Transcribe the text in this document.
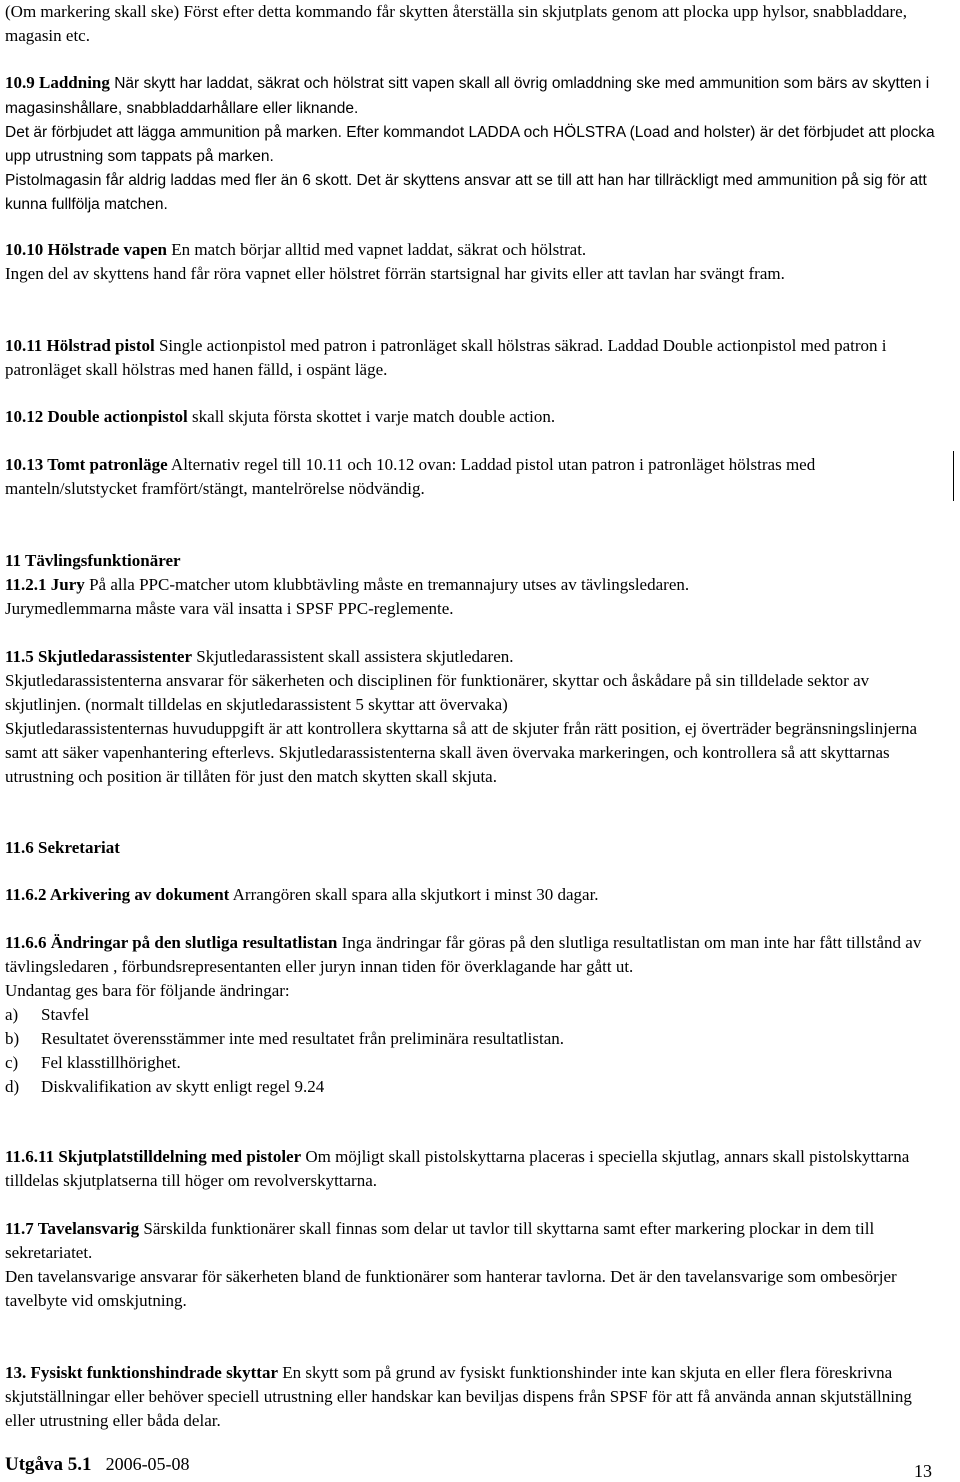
(Om markering skall ske) Först efter detta kommando får skytten återställa sin skjutplats genom att plocka upp hylsor, snabbladdare, magasin etc.

10.9 Laddning När skytt har laddat, säkrat och hölstrat sitt vapen skall all övrig omladdning ske med ammunition som bärs av skytten i magasinshållare, snabbladdarhållare eller liknande.

Det är förbjudet att lägga ammunition på marken. Efter kommandot LADDA och HÖLSTRA (Load and holster) är det förbjudet att plocka upp utrustning som tappats på marken.

Pistolmagasin får aldrig laddas med fler än 6 skott. Det är skyttens ansvar att se till att han har tillräckligt med ammunition på sig för att kunna fullfölja matchen.

10.10 Hölstrade vapen En match börjar alltid med vapnet laddat, säkrat och hölstrat.

Ingen del av skyttens hand får röra vapnet eller hölstret förrän startsignal har givits eller att tavlan har svängt fram.

10.11 Hölstrad pistol Single actionpistol med patron i patronläget skall hölstras säkrad. Laddad Double actionpistol med patron i patronläget skall hölstras med hanen fälld, i ospänt läge.

10.12 Double actionpistol skall skjuta första skottet i varje match double action.

10.13 Tomt patronläge Alternativ regel till 10.11 och 10.12 ovan: Laddad pistol utan patron i patronläget hölstras med manteln/slutstycket framfört/stängt, mantelrörelse nödvändig.

11 Tävlingsfunktionärer

11.2.1 Jury På alla PPC-matcher utom klubbtävling måste en tremannajury utses av tävlingsledaren.

Jurymedlemmarna måste vara väl insatta i SPSF PPC-reglemente.

11.5 Skjutledarassistenter Skjutledarassistent skall assistera skjutledaren.

Skjutledarassistenterna ansvarar för säkerheten och disciplinen för funktionärer, skyttar och åskådare på sin tilldelade sektor av skjutlinjen. (normalt tilldelas en skjutledarassistent 5 skyttar att övervaka)

Skjutledarassistenternas huvuduppgift är att kontrollera skyttarna så att de skjuter från rätt position, ej överträder begränsningslinjerna samt att säker vapenhantering efterlevs. Skjutledarassistenterna skall även övervaka markeringen, och kontrollera så att skyttarnas utrustning och position är tillåten för just den match skytten skall skjuta.

11.6 Sekretariat

11.6.2 Arkivering av dokument Arrangören skall spara alla skjutkort i minst 30 dagar.

11.6.6 Ändringar på den slutliga resultatlistan Inga ändringar får göras på den slutliga resultatlistan om man inte har fått tillstånd av tävlingsledaren , förbundsrepresentanten eller juryn innan tiden för överklagande har gått ut.

Undantag ges bara för följande ändringar:

a)	Stavfel
b)	Resultatet överensstämmer inte med resultatet från preliminära resultatlistan.
c)	Fel klasstillhörighet.
d)	Diskvalifikation av skytt enligt regel 9.24

11.6.11 Skjutplatstilldelning med pistoler Om möjligt skall pistolskyttarna placeras i speciella skjutlag, annars skall pistolskyttarna tilldelas skjutplatserna till höger om revolverskyttarna.

11.7 Tavelansvarig Särskilda funktionärer skall finnas som delar ut tavlor till skyttarna samt efter markering plockar in dem till sekretariatet.

Den tavelansvarige ansvarar för säkerheten bland de funktionärer som hanterar tavlorna. Det är den tavelansvarige som ombesörjer tavelbyte vid omskjutning.

13. Fysiskt funktionshindrade skyttar En skytt som på grund av fysiskt funktionshinder inte kan skjuta en eller flera föreskrivna skjutställningar eller behöver speciell utrustning eller handskar kan beviljas dispens från SPSF för att få använda annan skjutställning eller utrustning eller båda delar.

Utgåva 5.1 2006-05-08	13
